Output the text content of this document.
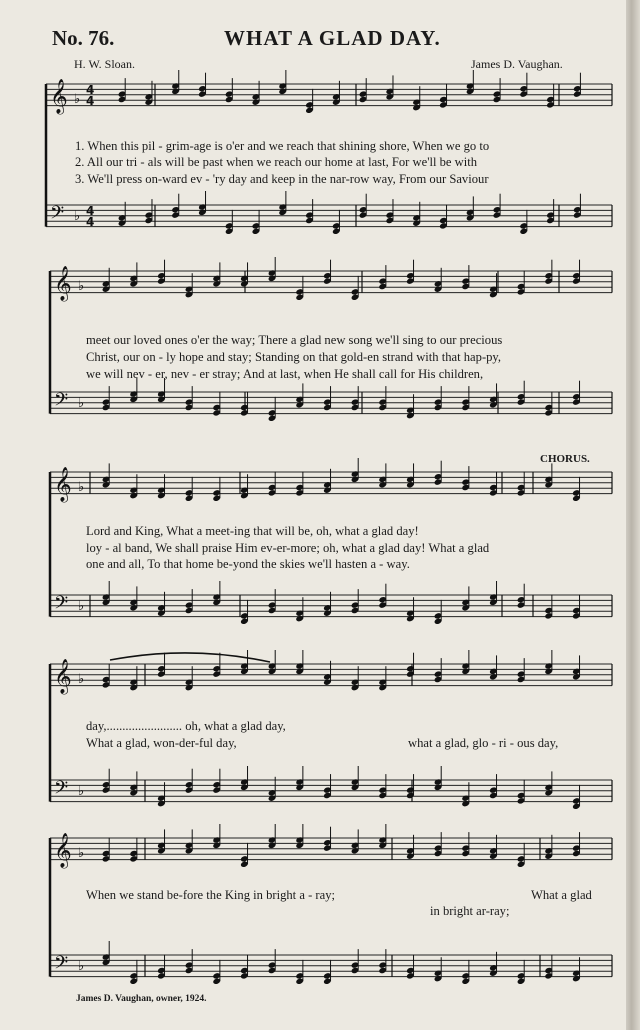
𝄞 ♭
𝄢 ♭
𝄞 ♭
𝄢 ♭
𝄞 ♭
𝄢 ♭
𝄞 ♭
𝄢 ♭
𝄞 ♭
𝄢 ♭
4
4
4
4
No. 76.	WHAT A GLAD DAY.
H. W. Sloan.	James D. Vaughan.
1. When this pil - grim-age is o'er and we reach that shining shore, When we go to
2. All our tri - als will be past when we reach our home at last, For we'll be with
3. We'll press on-ward ev - 'ry day and keep in the nar-row way, From our Saviour
meet our loved ones o'er the way; There a glad new song we'll sing to our precious
Christ, our on - ly hope and stay; Standing on that gold-en strand with that hap-py,
we will nev - er, nev - er stray; And at last, when He shall call for His children,
CHORUS.
Lord and King, What a meet-ing that will be, oh, what a glad day!
loy - al band, We shall praise Him ev-er-more; oh, what a glad day! What a glad
one and all, To that home be-yond the skies we'll hasten a - way.
day,........................ oh, what a glad day,
What a glad, won-der-ful day,	what a glad, glo - ri - ous day,
When we stand be-fore the King in bright a - ray;	What a glad
in bright ar-ray;
James D. Vaughan, owner, 1924.
